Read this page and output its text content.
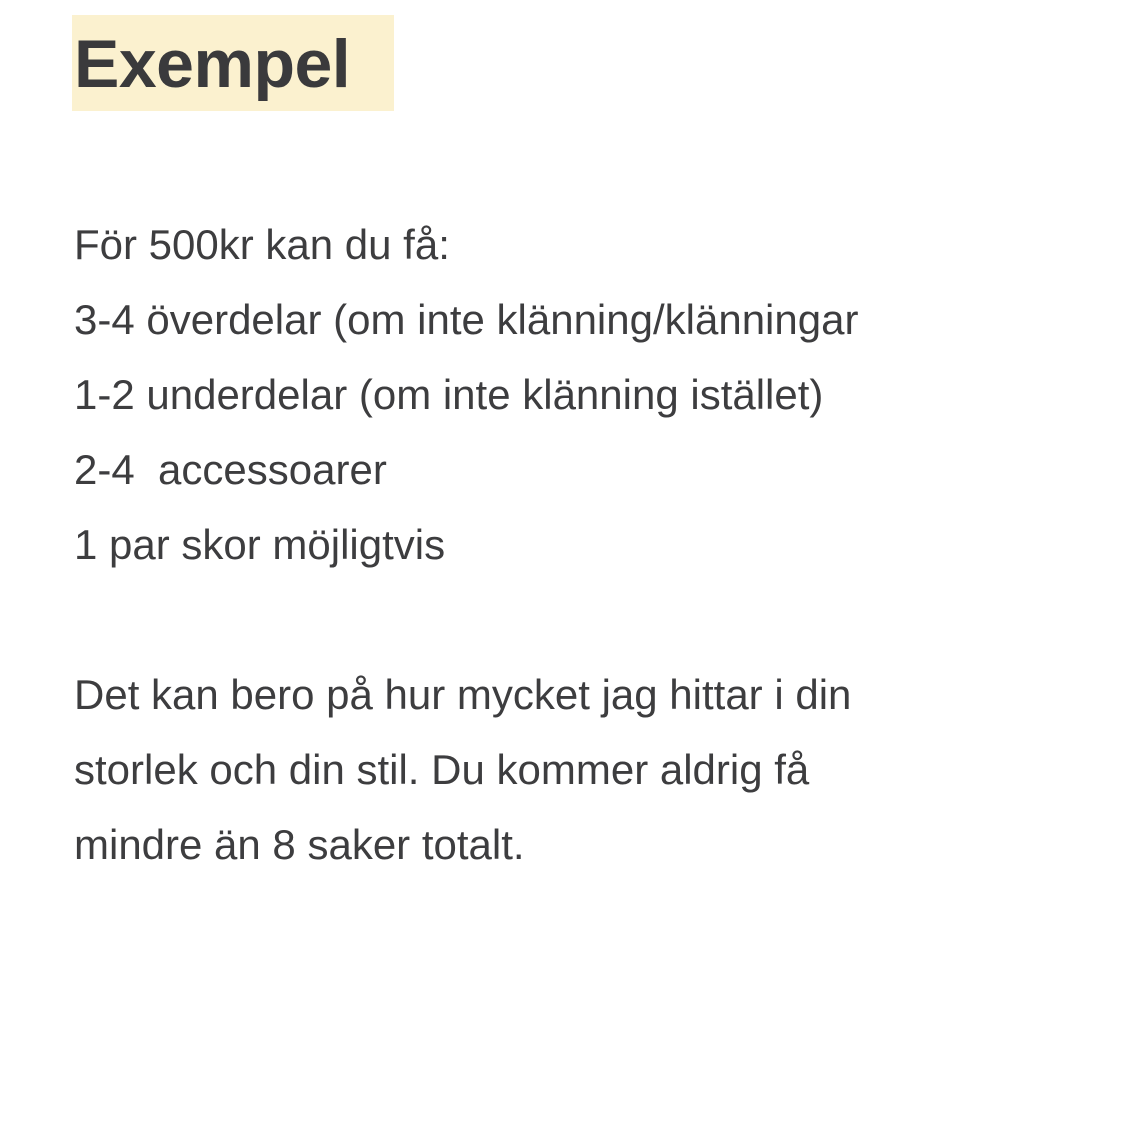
Exempel
För 500kr kan du få:
3-4 överdelar (om inte klänning/klänningar
1-2 underdelar (om inte klänning istället)
2-4  accessoarer
1 par skor möjligtvis
Det kan bero på hur mycket jag hittar i din
storlek och din stil. Du kommer aldrig få
mindre än 8 saker totalt.
